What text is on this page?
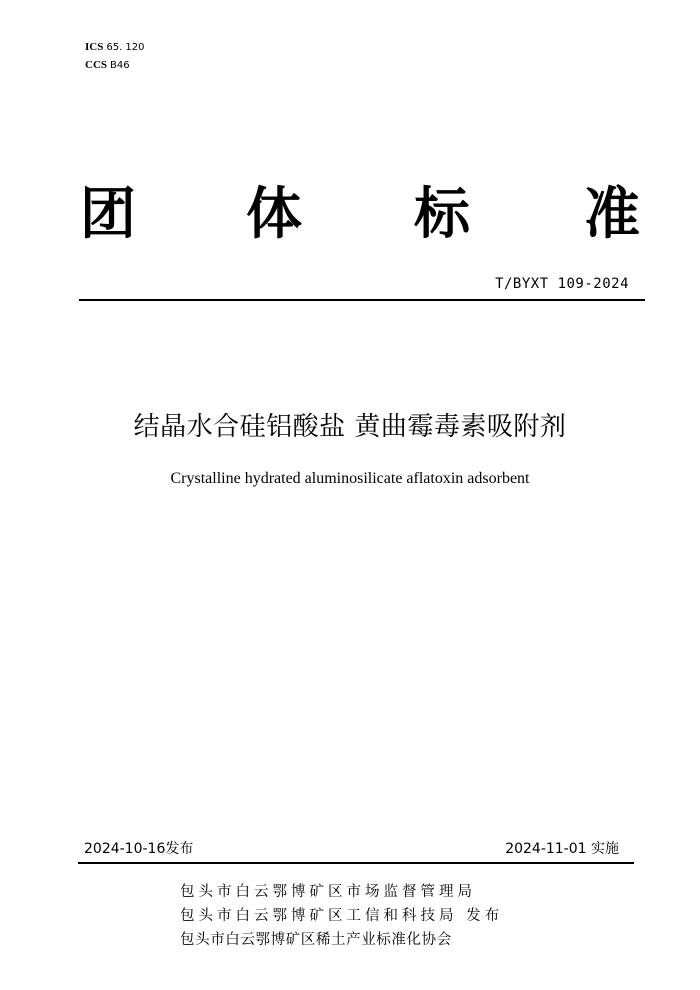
ICS 65. 120
CCS B46
团 体 标 准
T/BYXT 109-2024
结晶水合硅铝酸盐 黄曲霉毒素吸附剂
Crystalline hydrated aluminosilicate aflatoxin adsorbent
2024-10-16发布	2024-11-01 实施
包头市白云鄂博矿区市场监督管理局
包头市白云鄂博矿区工信和科技局 发布
包头市白云鄂博矿区稀土产业标准化协会
